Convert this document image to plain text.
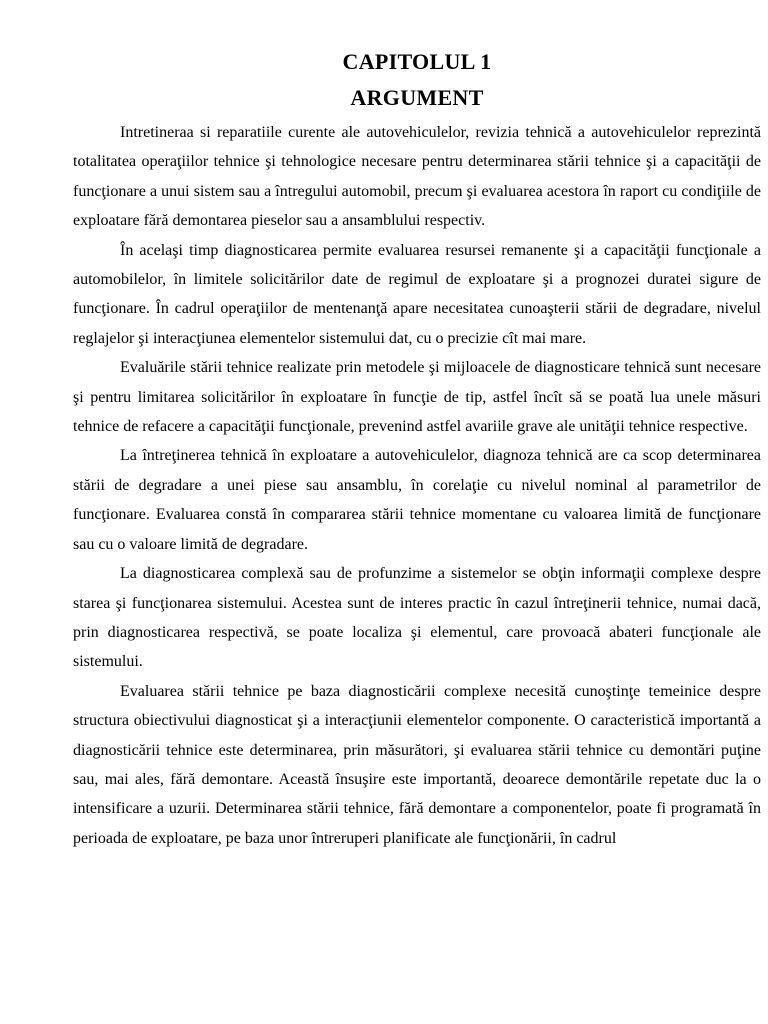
CAPITOLUL 1
ARGUMENT

Intretineraa si reparatiile curente ale autovehiculelor, revizia tehnică a autovehiculelor reprezintă totalitatea operaţiilor tehnice şi tehnologice necesare pentru determinarea stării tehnice şi a capacităţii de funcţionare a unui sistem sau a întregului automobil, precum şi evaluarea acestora în raport cu condiţiile de exploatare fără demontarea pieselor sau a ansamblului respectiv.

În acelaşi timp diagnosticarea permite evaluarea resursei remanente şi a capacităţii funcţionale a automobilelor, în limitele solicitărilor date de regimul de exploatare şi a prognozei duratei sigure de funcţionare. În cadrul operaţiilor de mentenanţă apare necesitatea cunoaşterii stării de degradare, nivelul reglajelor şi interacţiunea elementelor sistemului dat, cu o precizie cît mai mare.

Evaluările stării tehnice realizate prin metodele şi mijloacele de diagnosticare tehnică sunt necesare şi pentru limitarea solicitărilor în exploatare în funcţie de tip, astfel încît să se poată lua unele măsuri tehnice de refacere a capacităţii funcţionale, prevenind astfel avariile grave ale unităţii tehnice respective.

La întreţinerea tehnică în exploatare a autovehiculelor, diagnoza tehnică are ca scop determinarea stării de degradare a unei piese sau ansamblu, în corelaţie cu nivelul nominal al parametrilor de funcţionare. Evaluarea constă în compararea stării tehnice momentane cu valoarea limită de funcţionare sau cu o valoare limită de degradare.

La diagnosticarea complexă sau de profunzime a sistemelor se obţin informaţii complexe despre starea şi funcţionarea sistemului. Acestea sunt de interes practic în cazul întreţinerii tehnice, numai dacă, prin diagnosticarea respectivă, se poate localiza şi elementul, care provoacă abateri funcţionale ale sistemului.

Evaluarea stării tehnice pe baza diagnosticării complexe necesită cunoştinţe temeinice despre structura obiectivului diagnosticat şi a interacţiunii elementelor componente. O caracteristică importantă a diagnosticării tehnice este determinarea, prin măsurători, şi evaluarea stării tehnice cu demontări puţine sau, mai ales, fără demontare. Această însuşire este importantă, deoarece demontările repetate duc la o intensificare a uzurii. Determinarea stării tehnice, fără demontare a componentelor, poate fi programată în perioada de exploatare, pe baza unor întreruperi planificate ale funcţionării, în cadrul
